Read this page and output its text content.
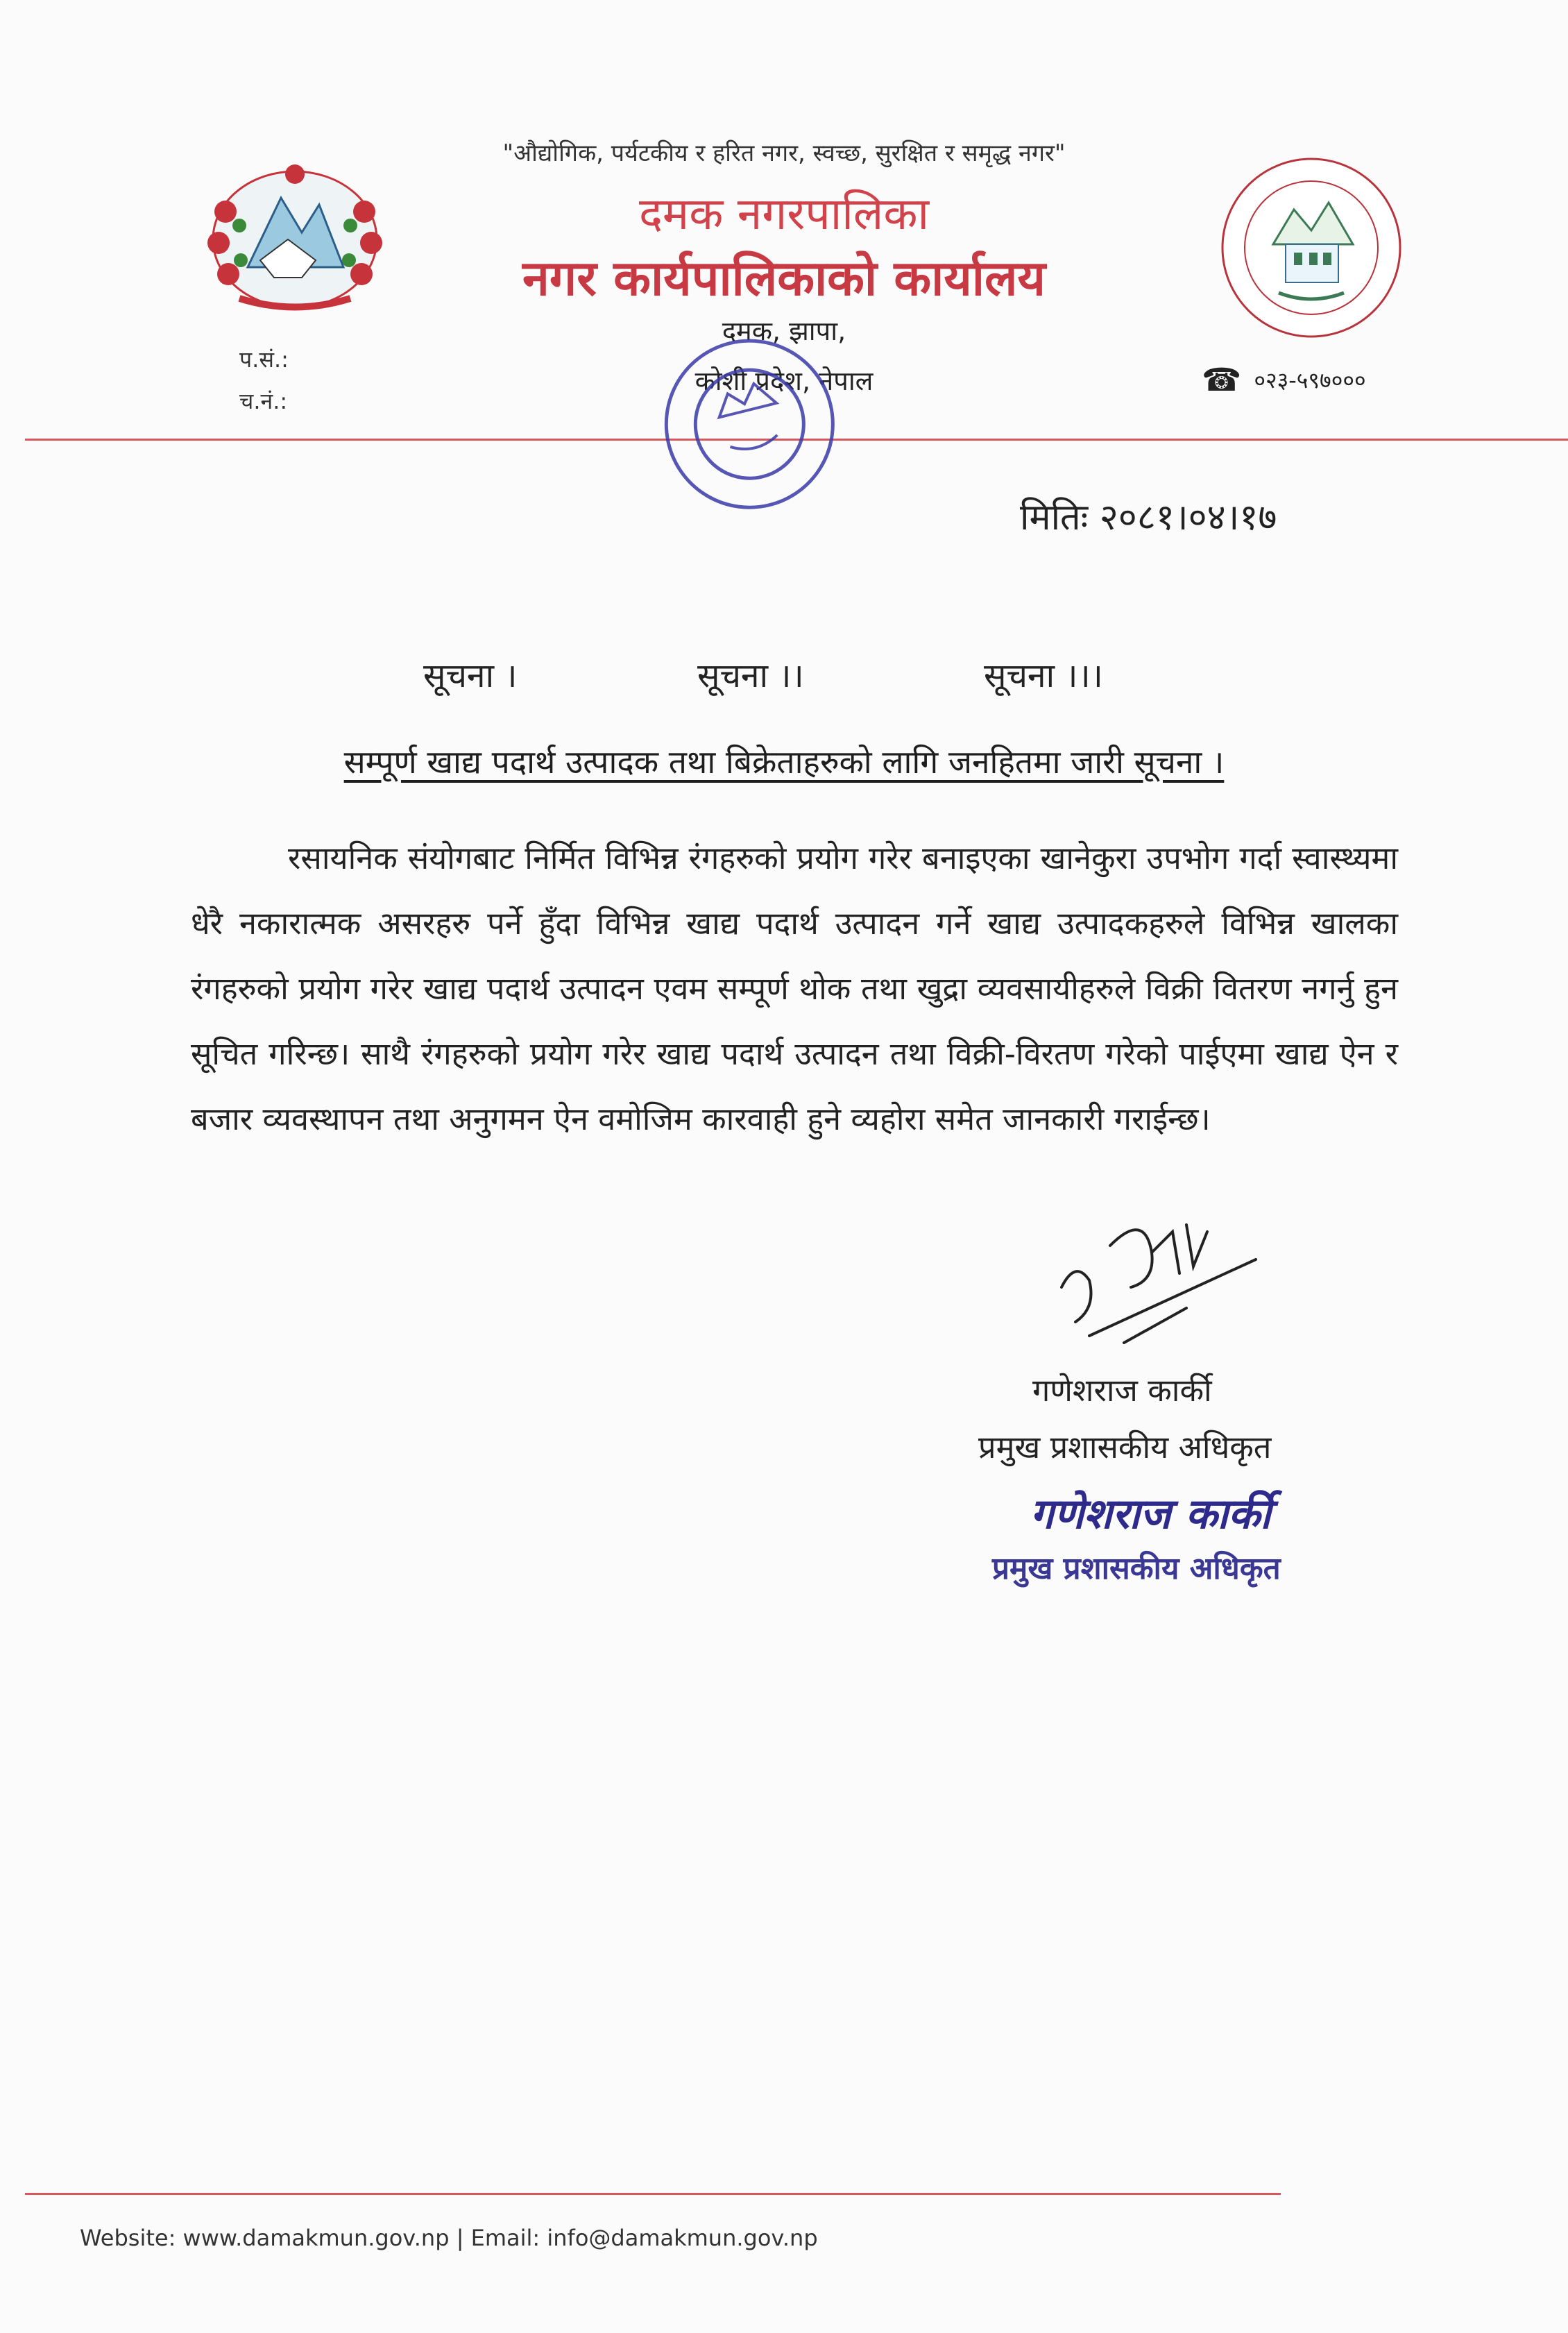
"औद्योगिक, पर्यटकीय र हरित नगर, स्वच्छ, सुरक्षित र समृद्ध नगर"
दमक नगरपालिका
नगर कार्यपालिकाको कार्यालय
दमक, झापा,
कोशी प्रदेश, नेपाल
प.सं.:
च.नं.:
☎ ०२३-५९७०००
मितिः २०८१।०४।१७
सूचना ।	सूचना ।।	सूचना ।।।
सम्पूर्ण खाद्य पदार्थ उत्पादक तथा बिक्रेताहरुको लागि जनहितमा जारी सूचना ।
रसायनिक संयोगबाट निर्मित विभिन्न रंगहरुको प्रयोग गरेर बनाइएका खानेकुरा उपभोग गर्दा स्वास्थ्यमा धेरै नकारात्मक असरहरु पर्ने हुँदा विभिन्न खाद्य पदार्थ उत्पादन गर्ने खाद्य उत्पादकहरुले विभिन्न खालका रंगहरुको प्रयोग गरेर खाद्य पदार्थ उत्पादन एवम सम्पूर्ण थोक तथा खुद्रा व्यवसायीहरुले विक्री वितरण नगर्नु हुन सूचित गरिन्छ। साथै रंगहरुको प्रयोग गरेर खाद्य पदार्थ उत्पादन तथा विक्री-विरतण गरेको पाईएमा खाद्य ऐन र बजार व्यवस्थापन तथा अनुगमन ऐन वमोजिम कारवाही हुने व्यहोरा समेत जानकारी गराईन्छ।
गणेशराज कार्की
प्रमुख प्रशासकीय अधिकृत
गणेशराज कार्की
प्रमुख प्रशासकीय अधिकृत
Website: www.damakmun.gov.np | Email: info@damakmun.gov.np
